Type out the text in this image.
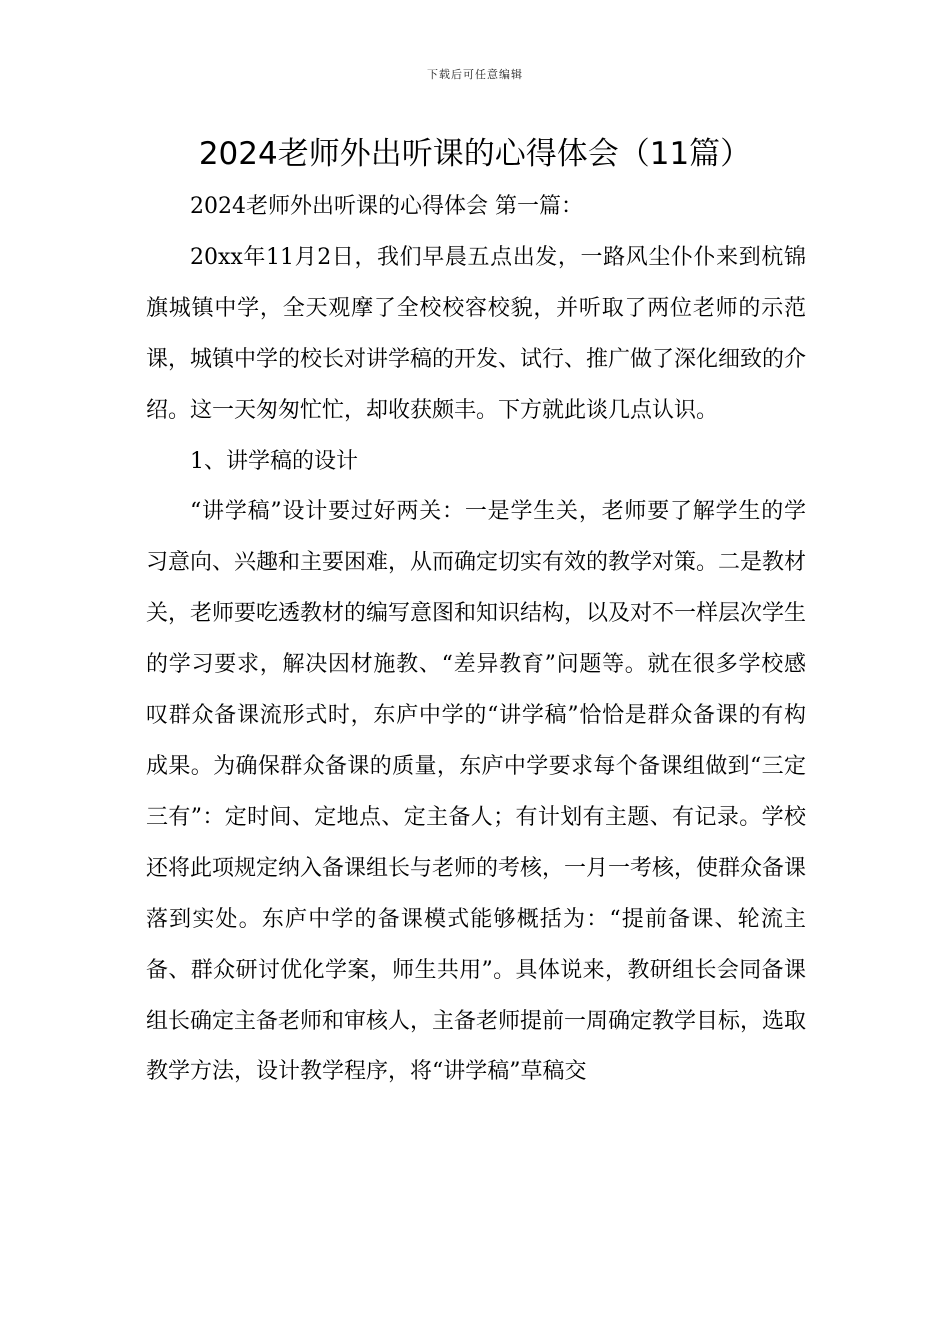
下载后可任意编辑
2024老师外出听课的心得体会（11篇）

2024老师外出听课的心得体会 第一篇：

20xx年11月2日，我们早晨五点出发，一路风尘仆仆来到杭锦旗城镇中学，全天观摩了全校校容校貌，并听取了两位老师的示范课，城镇中学的校长对讲学稿的开发、试行、推广做了深化细致的介绍。这一天匆匆忙忙，却收获颇丰。下方就此谈几点认识。

1、讲学稿的设计

“讲学稿”设计要过好两关：一是学生关，老师要了解学生的学习意向、兴趣和主要困难，从而确定切实有效的教学对策。二是教材关，老师要吃透教材的编写意图和知识结构，以及对不一样层次学生的学习要求，解决因材施教、“差异教育”问题等。就在很多学校感叹群众备课流形式时，东庐中学的“讲学稿”恰恰是群众备课的有构成果。为确保群众备课的质量，东庐中学要求每个备课组做到“三定三有”：定时间、定地点、定主备人；有计划有主题、有记录。学校还将此项规定纳入备课组长与老师的考核，一月一考核，使群众备课落到实处。东庐中学的备课模式能够概括为：“提前备课、轮流主备、群众研讨优化学案，师生共用”。具体说来，教研组长会同备课组长确定主备老师和审核人，主备老师提前一周确定教学目标，选取教学方法，设计教学程序，将“讲学稿”草稿交
